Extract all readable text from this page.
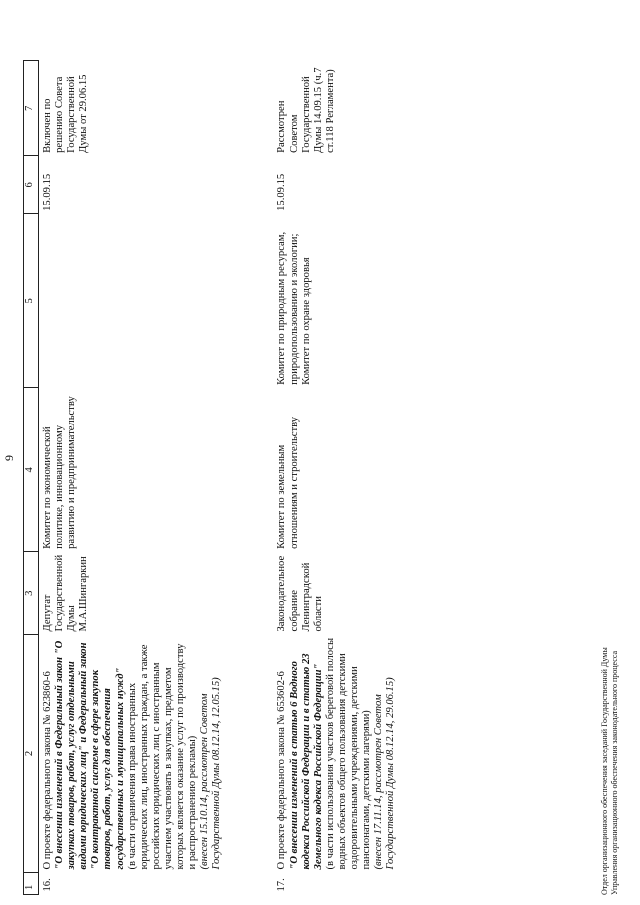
9
1	2	3	4	5	6	7
16.	О проекте федерального закона № 623860-6 "О внесении изменений в Федеральный закон "О закупках товаров, работ, услуг отдельными видами юридических лиц" и Федеральный закон "О контрактной системе в сфере закупок товаров, работ, услуг для обеспечения государственных и муниципальных нужд" (в части ограничения права иностранных юридических лиц, иностранных граждан, а также российских юридических лиц с иностранным участием участвовать в закупках, предметом которых является оказание услуг по производству и распространению рекламы) (внесен 15.10.14, рассмотрен Советом Государственной Думы 08.12.14, 12.05.15)	Депутат Государственной Думы М.А.Шингаркин	Комитет по экономической политике, инновационному развитию и предпринимательству		15.09.15	Включен по решению Совета Государственной Думы от 29.06.15
17.	О проекте федерального закона № 653602-6 "О внесении изменений в статью 6 Водного кодекса Российской Федерации и в статью 23 Земельного кодекса Российской Федерации" (в части использования участков береговой полосы водных объектов общего пользования детскими оздоровительными учреждениями, детскими пансионатами, детскими лагерями) (внесен 17.11.14, рассмотрен Советом Государственной Думы 08.12.14, 29.06.15)	Законодательное собрание Ленинградской области	Комитет по земельным отношениям и строительству	Комитет по природным ресурсам, природопользованию и экологии; Комитет по охране здоровья	15.09.15	Рассмотрен Советом Государственной Думы 14.09.15 (ч.7 ст.118 Регламента)
Отдел организационного обеспечения заседаний Государственной Думы Управления организационного обеспечения законодательного процесса
